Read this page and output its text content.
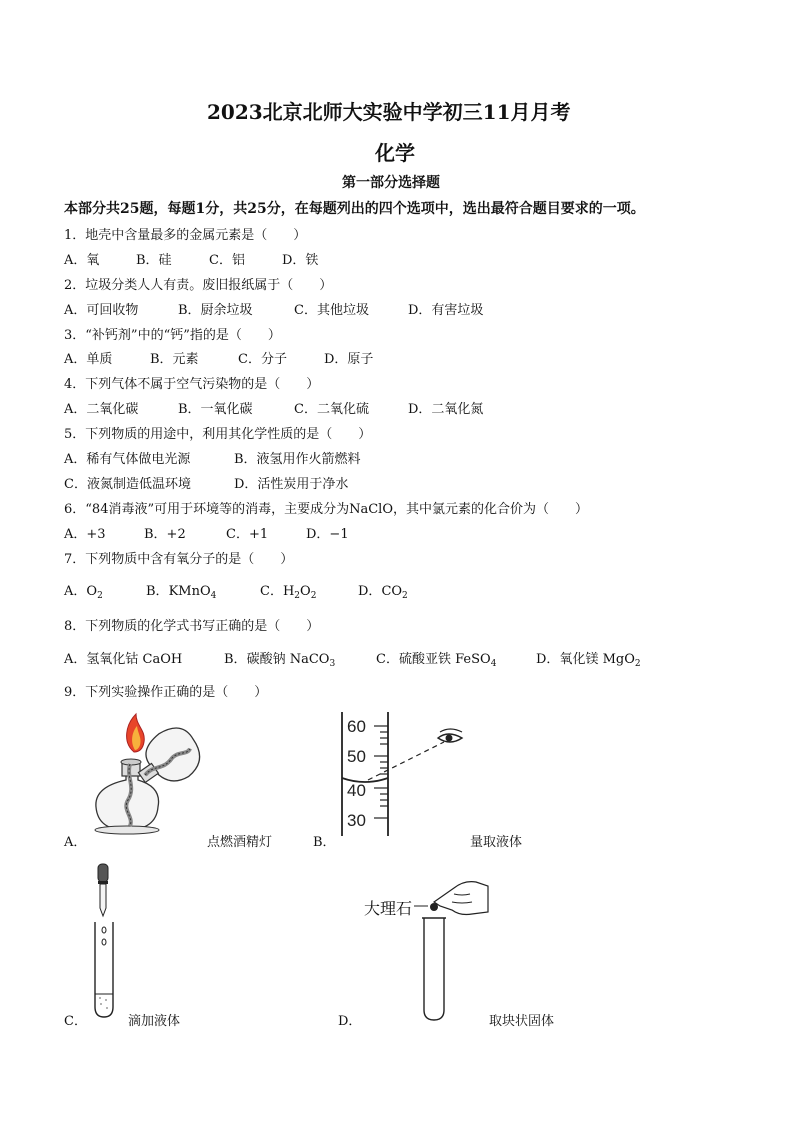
2023北京北师大实验中学初三11月月考
化学
第一部分选择题
本部分共25题，每题1分，共25分，在每题列出的四个选项中，选出最符合题目要求的一项。
1．地壳中含量最多的金属元素是（　　）
A．氧	B．硅	C．铝	D．铁
2．垃圾分类人人有责。废旧报纸属于（　　）
A．可回收物	B．厨余垃圾	C．其他垃圾	D．有害垃圾
3．“补钙剂”中的“钙”指的是（　　）
A．单质	B．元素	C．分子	D．原子
4．下列气体不属于空气污染物的是（　　）
A．二氧化碳	B．一氧化碳	C．二氧化硫	D．二氧化氮
5．下列物质的用途中，利用其化学性质的是（　　）
A．稀有气体做电光源	B．液氢用作火箭燃料
C．液氮制造低温环境	D．活性炭用于净水
6．“84消毒液”可用于环境等的消毒，主要成分为NaClO，其中氯元素的化合价为（　　）
A．+3	B．+2	C．+1	D．−1
7．下列物质中含有氧分子的是（　　）
A．$O_2$	B．KMnO$_4$	C．$H_2O_2$	D．$CO_2$
8．下列物质的化学式书写正确的是（　　）
A．氢氧化钴 CaOH	B．碳酸钠 NaCO$_3$	C．硫酸亚铁 FeSO$_4$	D．氧化镁 MgO$_2$
9．下列实验操作正确的是（　　）
A．	点燃酒精灯
60
50
40
30
B．	量取液体
C．	滴加液体
大理石
D．	取块状固体
